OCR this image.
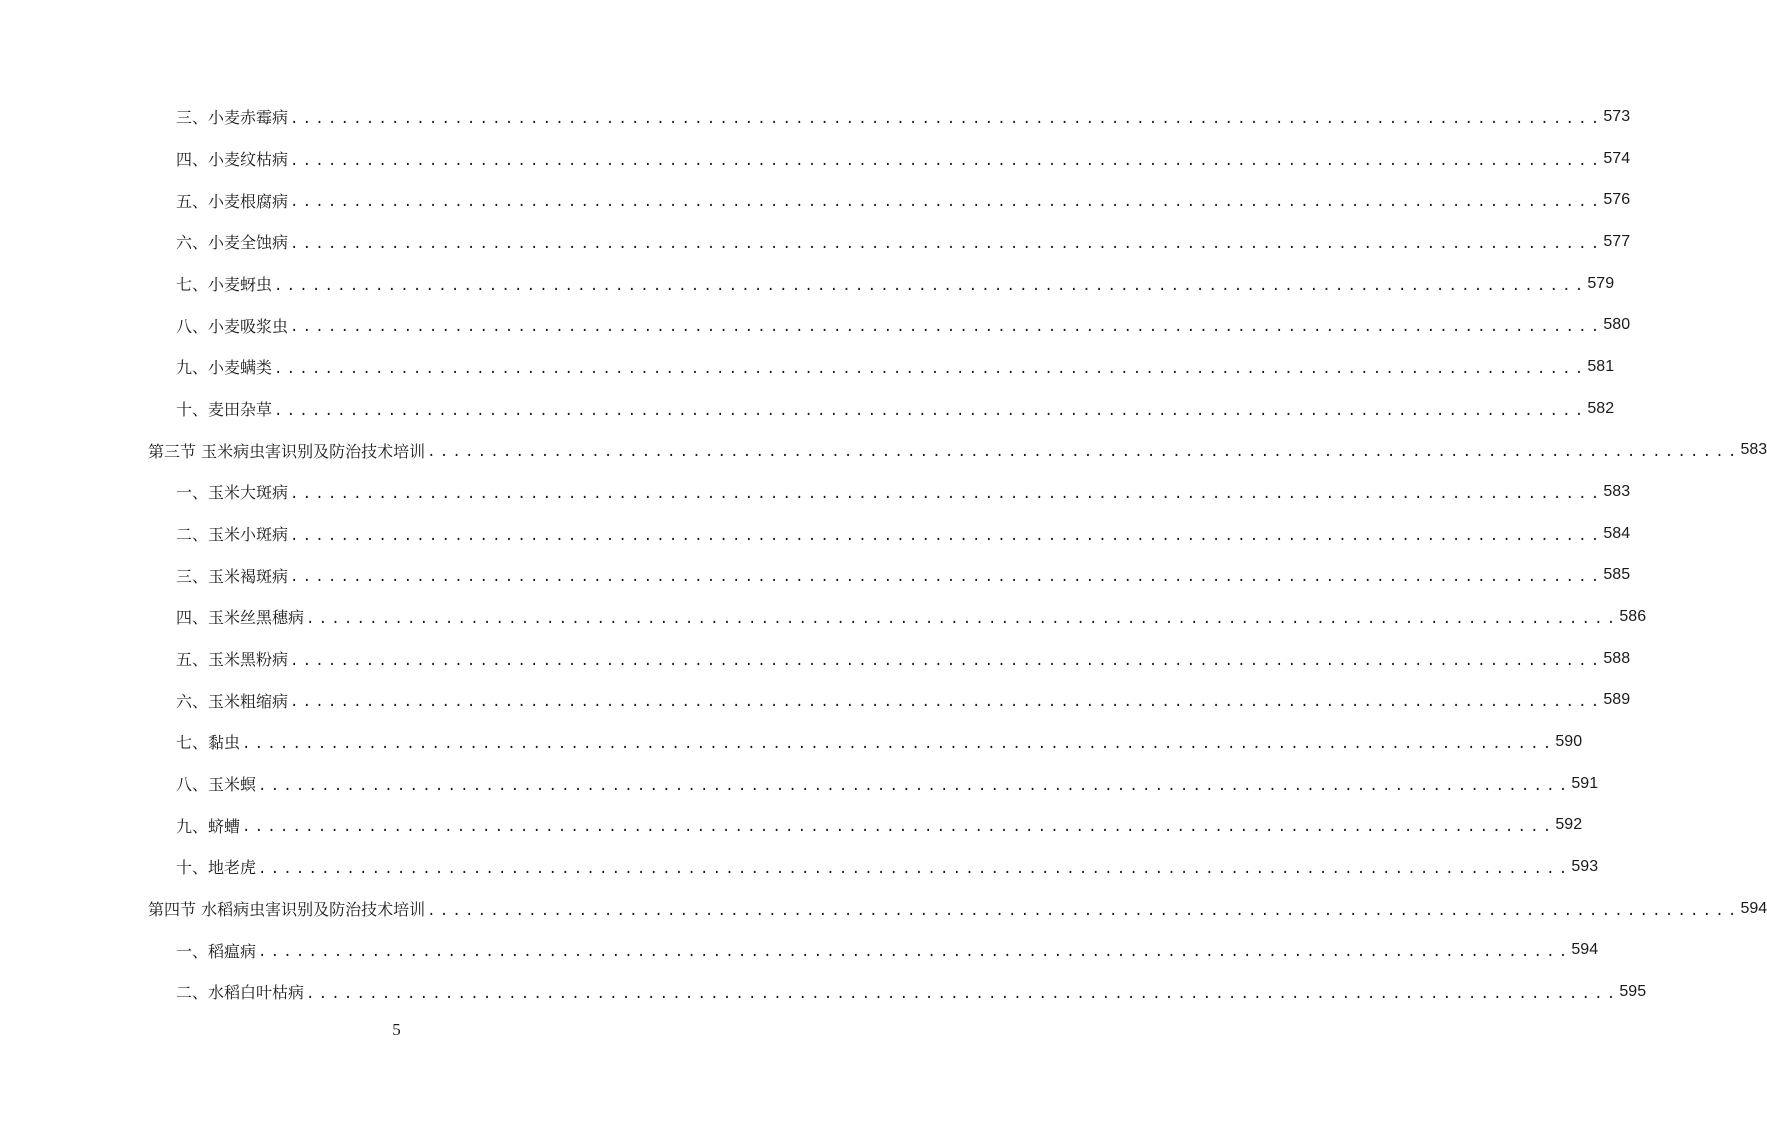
三、小麦赤霉病 ........................................................................................................ 573
四、小麦纹枯病 ........................................................................................................ 574
五、小麦根腐病 ........................................................................................................ 576
六、小麦全蚀病 ........................................................................................................ 577
七、小麦蚜虫 ........................................................................................................ 579
八、小麦吸浆虫 ........................................................................................................ 580
九、小麦螨类 ........................................................................................................ 581
十、麦田杂草 ........................................................................................................ 582
第三节 玉米病虫害识别及防治技术培训 ........................................................................................................ 583
一、玉米大斑病 ........................................................................................................ 583
二、玉米小斑病 ........................................................................................................ 584
三、玉米褐斑病 ........................................................................................................ 585
四、玉米丝黑穗病 ........................................................................................................ 586
五、玉米黑粉病 ........................................................................................................ 588
六、玉米粗缩病 ........................................................................................................ 589
七、黏虫 ........................................................................................................ 590
八、玉米螟 ........................................................................................................ 591
九、蛴螬 ........................................................................................................ 592
十、地老虎 ........................................................................................................ 593
第四节 水稻病虫害识别及防治技术培训 ........................................................................................................ 594
一、稻瘟病 ........................................................................................................ 594
二、水稻白叶枯病 ........................................................................................................ 595
5
